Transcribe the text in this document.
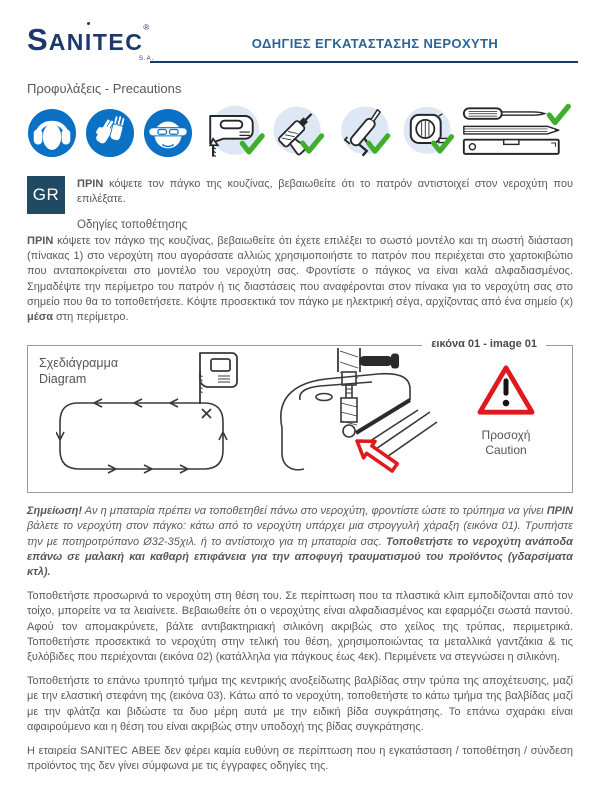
SANITEC®
S.A.
ΟΔΗΓΙΕΣ ΕΓΚΑΤΑΣΤΑΣΗΣ ΝΕΡΟΧΥΤΗ
Προφυλάξεις - Precautions
GR
ΠΡΙΝ κόψετε τον πάγκο της κουζίνας, βεβαιωθείτε ότι το πατρόν αντιστοιχεί στον νεροχύτη που επιλέξατε.
Οδηγίες τοποθέτησης

ΠΡΙΝ κόψετε τον πάγκο της κουζίνας, βεβαιωθείτε ότι έχετε επιλέξει το σωστό μοντέλο και τη σωστή διάσταση (πίνακας 1) στο νεροχύτη που αγοράσατε αλλιώς χρησιμοποιήστε το πατρόν που περιέχεται στο χαρτοκιβώτιο που ανταποκρίνεται στο μοντέλο του νεροχύτη σας. Φροντίστε ο πάγκος να είναι καλά αλφαδιασμένος. Σημαδέψτε την περίμετρο του πατρόν ή τις διαστάσεις που αναφέρονται στον πίνακα για το νεροχύτη σας στο σημείο που θα το τοποθετήσετε. Κόψτε προσεκτικά τον πάγκο με ηλεκτρική σέγα, αρχίζοντας από ένα σημείο (x) μέσα στη περίμετρο.

εικόνα 01 - image 01
Σχεδιάγραμμα
Diagram
Προσοχή
Caution

Σημείωση! Αν η μπαταρία πρέπει να τοποθετηθεί πάνω στο νεροχύτη, φροντίστε ώστε το τρύπημα να γίνει ΠΡΙΝ βάλετε το νεροχύτη στον πάγκο: κάτω από το νεροχύτη υπάρχει μια στρογγυλή χάραξη (εικόνα 01). Τρυπήστε την με ποτηροτρύπανο Ø32-35χιλ. ή το αντίστοιχο για τη μπαταρία σας. Τοποθετήστε το νεροχύτη ανάποδα επάνω σε μαλακή και καθαρή επιφάνεια για την αποφυγή τραυματισμού του προϊόντος (γδαρσίματα κτλ).

Τοποθετήστε προσωρινά το νεροχύτη στη θέση του. Σε περίπτωση που τα πλαστικά κλιπ εμποδίζονται από τον τοίχο, μπορείτε να τα λειαίνετε. Βεβαιωθείτε ότι ο νεροχύτης είναι αλφαδιασμένος και εφαρμόζει σωστά παντού. Αφού τον απομακρύνετε, βάλτε αντιβακτηριακή σιλικόνη ακριβώς στο χείλος της τρύπας, περιμετρικά. Τοποθετήστε προσεκτικά το νεροχύτη στην τελική του θέση, χρησιμοποιώντας τα μεταλλικά γαντζάκια & τις ξυλόβιδες που περιέχονται (εικόνα 02) (κατάλληλα για πάγκους έως 4εκ). Περιμένετε να στεγνώσει η σιλικόνη.

Τοποθετήστε το επάνω τρυπητό τμήμα της κεντρικής ανοξείδωτης βαλβίδας στην τρύπα της αποχέτευσης, μαζί με την ελαστική στεφάνη της (εικόνα 03). Κάτω από το νεροχύτη, τοποθετήστε το κάτω τμήμα της βαλβίδας μαζί με την φλάτζα και βιδώστε τα δυο μέρη αυτά με την ειδική βίδα συγκράτησης. Το επάνω σχαράκι είναι αφαιρούμενο και η θέση του είναι ακριβώς στην υποδοχή της βίδας συγκράτησης.

Η εταιρεία SANITEC ΑΒΕΕ δεν φέρει καμία ευθύνη σε περίπτωση που η εγκατάσταση / τοποθέτηση / σύνδεση προϊόντος της δεν γίνει σύμφωνα με τις έγγραφες οδηγίες της.
